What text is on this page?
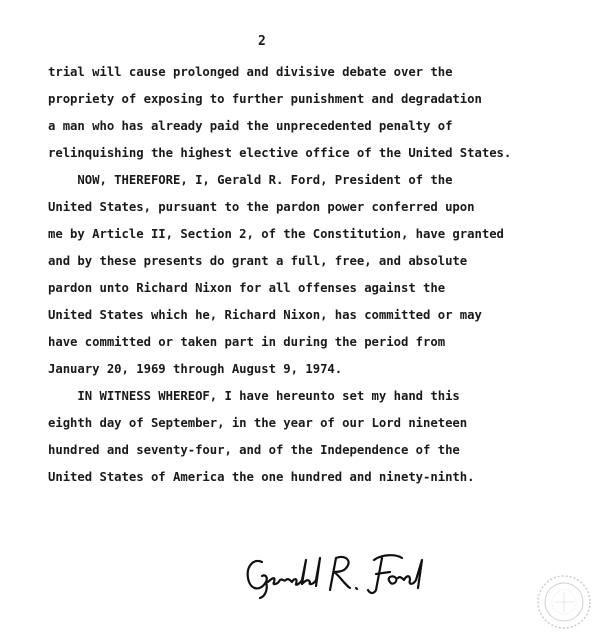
2
trial will cause prolonged and divisive debate over the
propriety of exposing to further punishment and degradation
a man who has already paid the unprecedented penalty of
relinquishing the highest elective office of the United States.
NOW, THEREFORE, I, Gerald R. Ford, President of the
United States, pursuant to the pardon power conferred upon
me by Article II, Section 2, of the Constitution, have granted
and by these presents do grant a full, free, and absolute
pardon unto Richard Nixon for all offenses against the
United States which he, Richard Nixon, has committed or may
have committed or taken part in during the period from
January 20, 1969 through August 9, 1974.
IN WITNESS WHEREOF, I have hereunto set my hand this
eighth day of September, in the year of our Lord nineteen
hundred and seventy-four, and of the Independence of the
United States of America the one hundred and ninety-ninth.
